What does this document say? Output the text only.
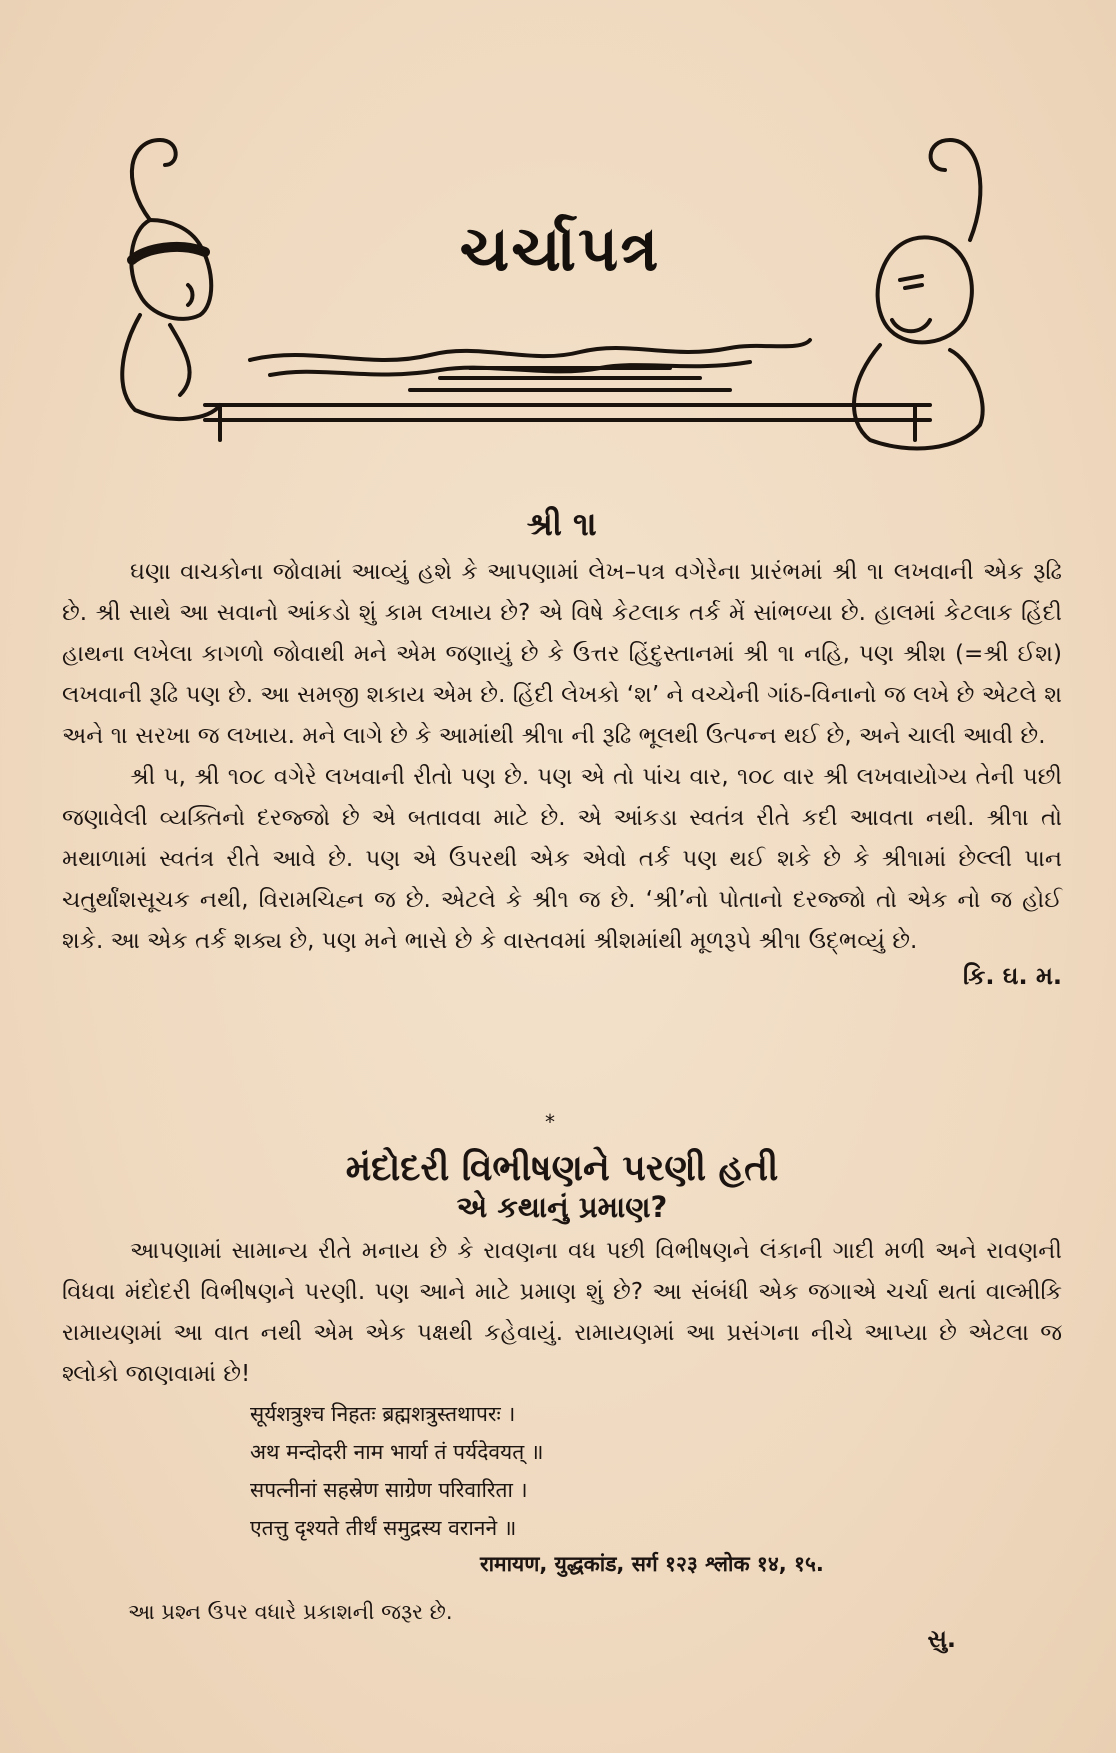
ચર્ચાપત્ર
શ્રી ૧।

ઘણા વાચકોના જોવામાં આવ્યું હશે કે આપણામાં લેખ–પત્ર વગેરેના પ્રારંભમાં શ્રી ૧। લખવાની એક રૂઢિ છે. શ્રી સાથે આ સવાનો આંકડો શું કામ લખાય છે? એ વિષે કેટલાક તર્ક મેં સાંભળ્યા છે. હાલમાં કેટલાક હિંદી હાથના લખેલા કાગળો જોવાથી મને એમ જણાયું છે કે ઉત્તર હિંદુસ્તાનમાં શ્રી ૧। નહિ, પણ શ્રીશ (=શ્રી ઈશ) લખવાની રૂઢિ પણ છે. આ સમજી શકાય એમ છે. હિંદી લેખકો ‘શ’ ને વચ્ચેની ગાંઠ-વિનાનો જ લખે છે એટલે શ અને ૧। સરખા જ લખાય. મને લાગે છે કે આમાંથી શ્રી૧। ની રૂઢિ ભૂલથી ઉત્પન્ન થઈ છે, અને ચાલી આવી છે.

શ્રી ૫, શ્રી ૧૦૮ વગેરે લખવાની રીતો પણ છે. પણ એ તો પાંચ વાર, ૧૦૮ વાર શ્રી લખવાયોગ્ય તેની પછી જણાવેલી વ્યક્તિનો દરજ્જો છે એ બતાવવા માટે છે. એ આંકડા સ્વતંત્ર રીતે કદી આવતા નથી. શ્રી૧। તો મથાળામાં સ્વતંત્ર રીતે આવે છે. પણ એ ઉપરથી એક એવો તર્ક પણ થઈ શકે છે કે શ્રી૧।માં છેલ્લી પાન ચતુર્થાંશસૂચક નથી, વિરામચિહ્ન જ છે. એટલે કે શ્રી૧ જ છે. ‘શ્રી’નો પોતાનો દરજ્જો તો એક નો જ હોઈ શકે. આ એક તર્ક શક્ય છે, પણ મને ભાસે છે કે વાસ્તવમાં શ્રીશમાંથી મૂળરૂપે શ્રી૧। ઉદ્ભવ્યું છે.

કિ. ઘ. મ.
*
મંદોદરી વિભીષણને પરણી હતી
એ કથાનું પ્રમાણ?

આપણામાં સામાન્ય રીતે મનાય છે કે રાવણના વધ પછી વિભીષણને લંકાની ગાદી મળી અને રાવણની વિધવા મંદોદરી વિભીષણને પરણી. પણ આને માટે પ્રમાણ શું છે? આ સંબંધી એક જગાએ ચર્ચા થતાં વાલ્મીકિ રામાયણમાં આ વાત નથી એમ એક પક્ષથી કહેવાયું. રામાયણમાં આ પ્રસંગના નીચે આપ્યા છે એટલા જ શ્લોકો જાણવામાં છે!

सूर्यशत्रुश्च निहतः ब्रह्मशत्रुस्तथापरः ।
अथ मन्दोदरी नाम भार्या तं पर्यदेवयत् ॥
सपत्नीनां सहस्रेण साग्रेण परिवारिता ।
एतत्तु दृश्यते तीर्थं समुद्रस्य वरानने ॥
रामायण, युद्धकांड, सर्ग १२३ श्लोक १४, १५.
આ પ્રશ્ન ઉપર વધારે પ્રકાશની જરૂર છે.
સુ.
